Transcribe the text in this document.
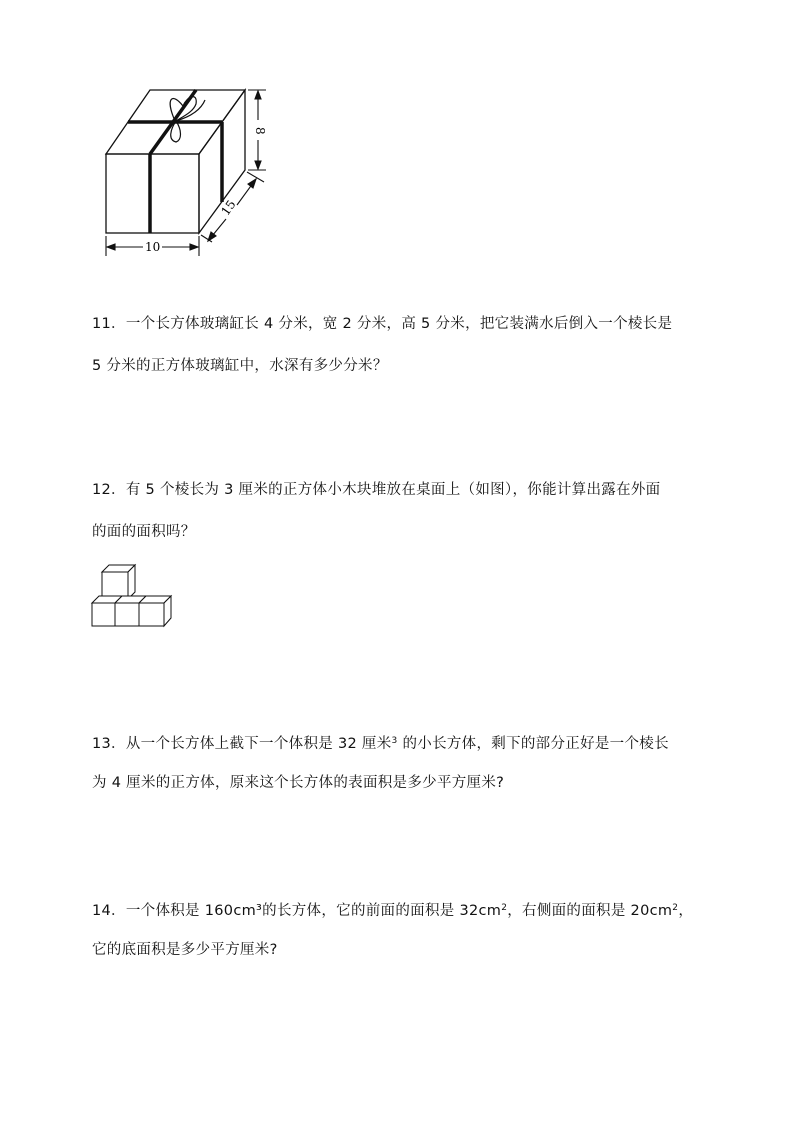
8
15
10
11．一个长方体玻璃缸长 4 分米，宽 2 分米，高 5 分米，把它装满水后倒入一个棱长是
5 分米的正方体玻璃缸中，水深有多少分米？
12．有 5 个棱长为 3 厘米的正方体小木块堆放在桌面上（如图），你能计算出露在外面
的面的面积吗？
13．从一个长方体上截下一个体积是 32 厘米$^3$ 的小长方体，剩下的部分正好是一个棱长
为 4 厘米的正方体，原来这个长方体的表面积是多少平方厘米?
14．一个体积是 160cm³的长方体，它的前面的面积是 $32cm^2$，右侧面的面积是 $20cm^2$，
它的底面积是多少平方厘米?
